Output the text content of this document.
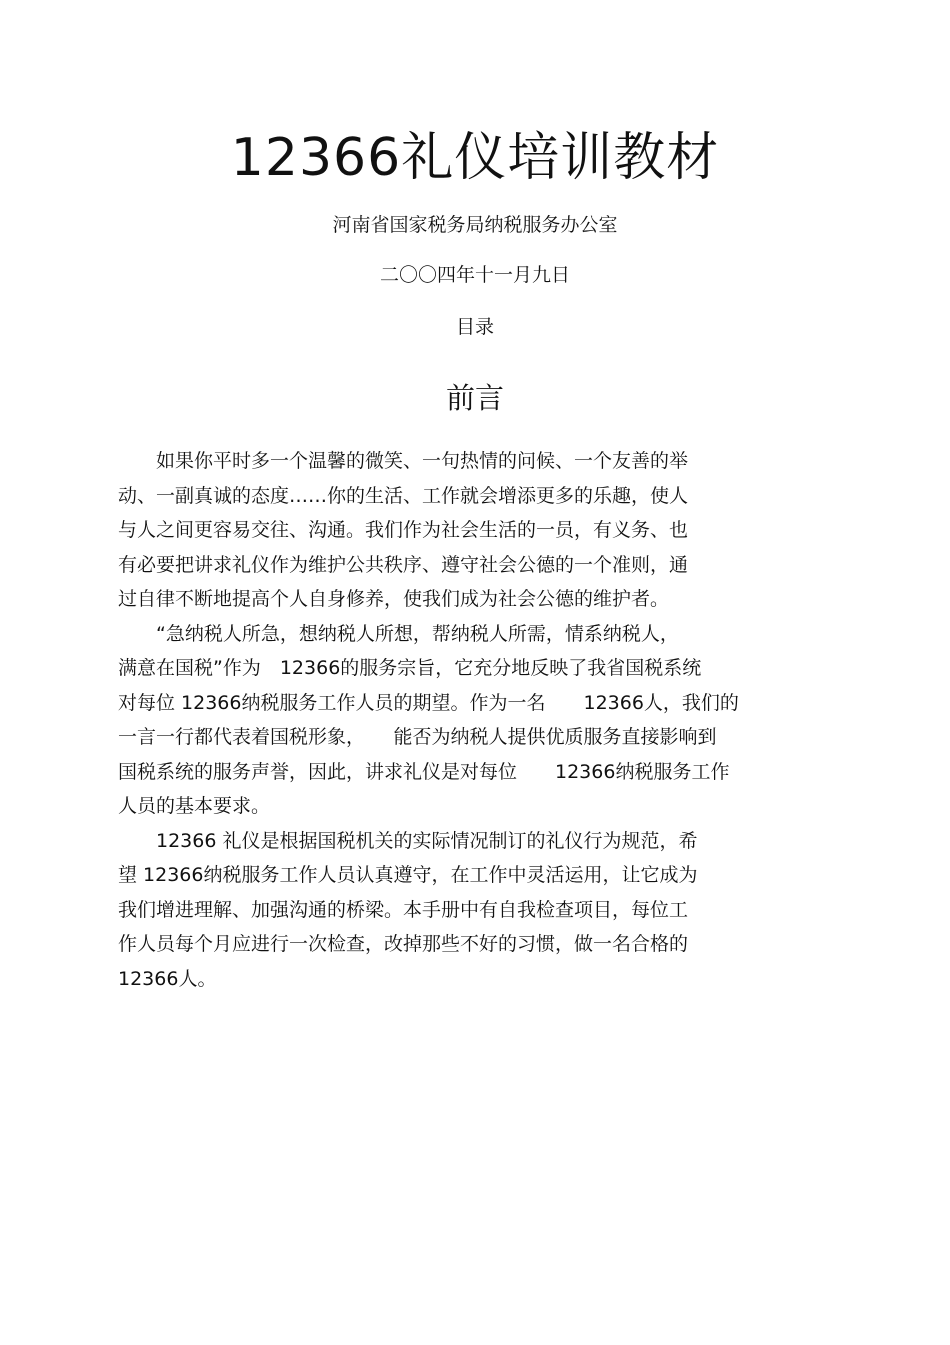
12366礼仪培训教材
河南省国家税务局纳税服务办公室
二〇〇四年十一月九日
目录
前言
　　如果你平时多一个温馨的微笑、一句热情的问候、一个友善的举
动、一副真诚的态度……你的生活、工作就会增添更多的乐趣，使人
与人之间更容易交往、沟通。我们作为社会生活的一员，有义务、也
有必要把讲求礼仪作为维护公共秩序、遵守社会公德的一个准则，通
过自律不断地提高个人自身修养，使我们成为社会公德的维护者。
　　“急纳税人所急，想纳税人所想，帮纳税人所需，情系纳税人，
满意在国税”作为　12366的服务宗旨，它充分地反映了我省国税系统
对每位 12366纳税服务工作人员的期望。作为一名　　12366人，我们的
一言一行都代表着国税形象，　　能否为纳税人提供优质服务直接影响到
国税系统的服务声誉，因此，讲求礼仪是对每位　　12366纳税服务工作
人员的基本要求。
　　12366 礼仪是根据国税机关的实际情况制订的礼仪行为规范，希
望 12366纳税服务工作人员认真遵守，在工作中灵活运用，让它成为
我们增进理解、加强沟通的桥梁。本手册中有自我检查项目，每位工
作人员每个月应进行一次检查，改掉那些不好的习惯，做一名合格的
12366人。
